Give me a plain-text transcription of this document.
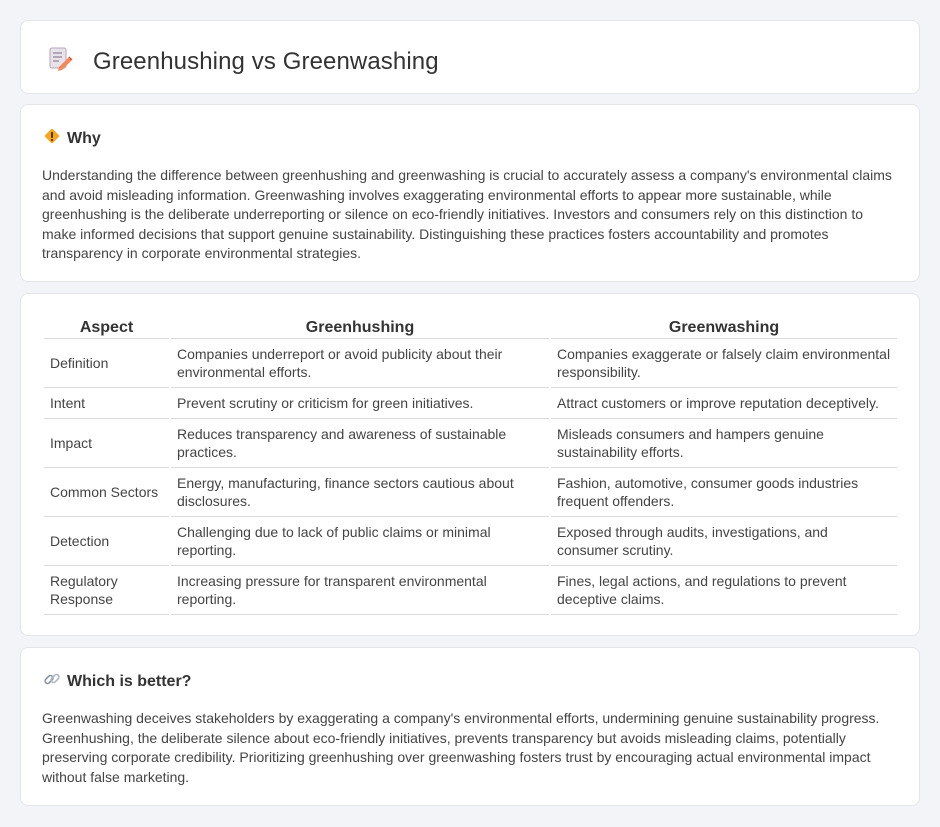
Greenhushing vs Greenwashing
Why

Understanding the difference between greenhushing and greenwashing is crucial to accurately assess a company's environmental claims and avoid misleading information. Greenwashing involves exaggerating environmental efforts to appear more sustainable, while greenhushing is the deliberate underreporting or silence on eco-friendly initiatives. Investors and consumers rely on this distinction to make informed decisions that support genuine sustainability. Distinguishing these practices fosters accountability and promotes transparency in corporate environmental strategies.

Aspect	Greenhushing	Greenwashing
Definition	Companies underreport or avoid publicity about their environmental efforts.	Companies exaggerate or falsely claim environmental responsibility.
Intent	Prevent scrutiny or criticism for green initiatives.	Attract customers or improve reputation deceptively.
Impact	Reduces transparency and awareness of sustainable practices.	Misleads consumers and hampers genuine sustainability efforts.
Common Sectors	Energy, manufacturing, finance sectors cautious about disclosures.	Fashion, automotive, consumer goods industries frequent offenders.
Detection	Challenging due to lack of public claims or minimal reporting.	Exposed through audits, investigations, and consumer scrutiny.
Regulatory Response	Increasing pressure for transparent environmental reporting.	Fines, legal actions, and regulations to prevent deceptive claims.
Which is better?

Greenwashing deceives stakeholders by exaggerating a company's environmental efforts, undermining genuine sustainability progress. Greenhushing, the deliberate silence about eco-friendly initiatives, prevents transparency but avoids misleading claims, potentially preserving corporate credibility. Prioritizing greenhushing over greenwashing fosters trust by encouraging actual environmental impact without false marketing.
